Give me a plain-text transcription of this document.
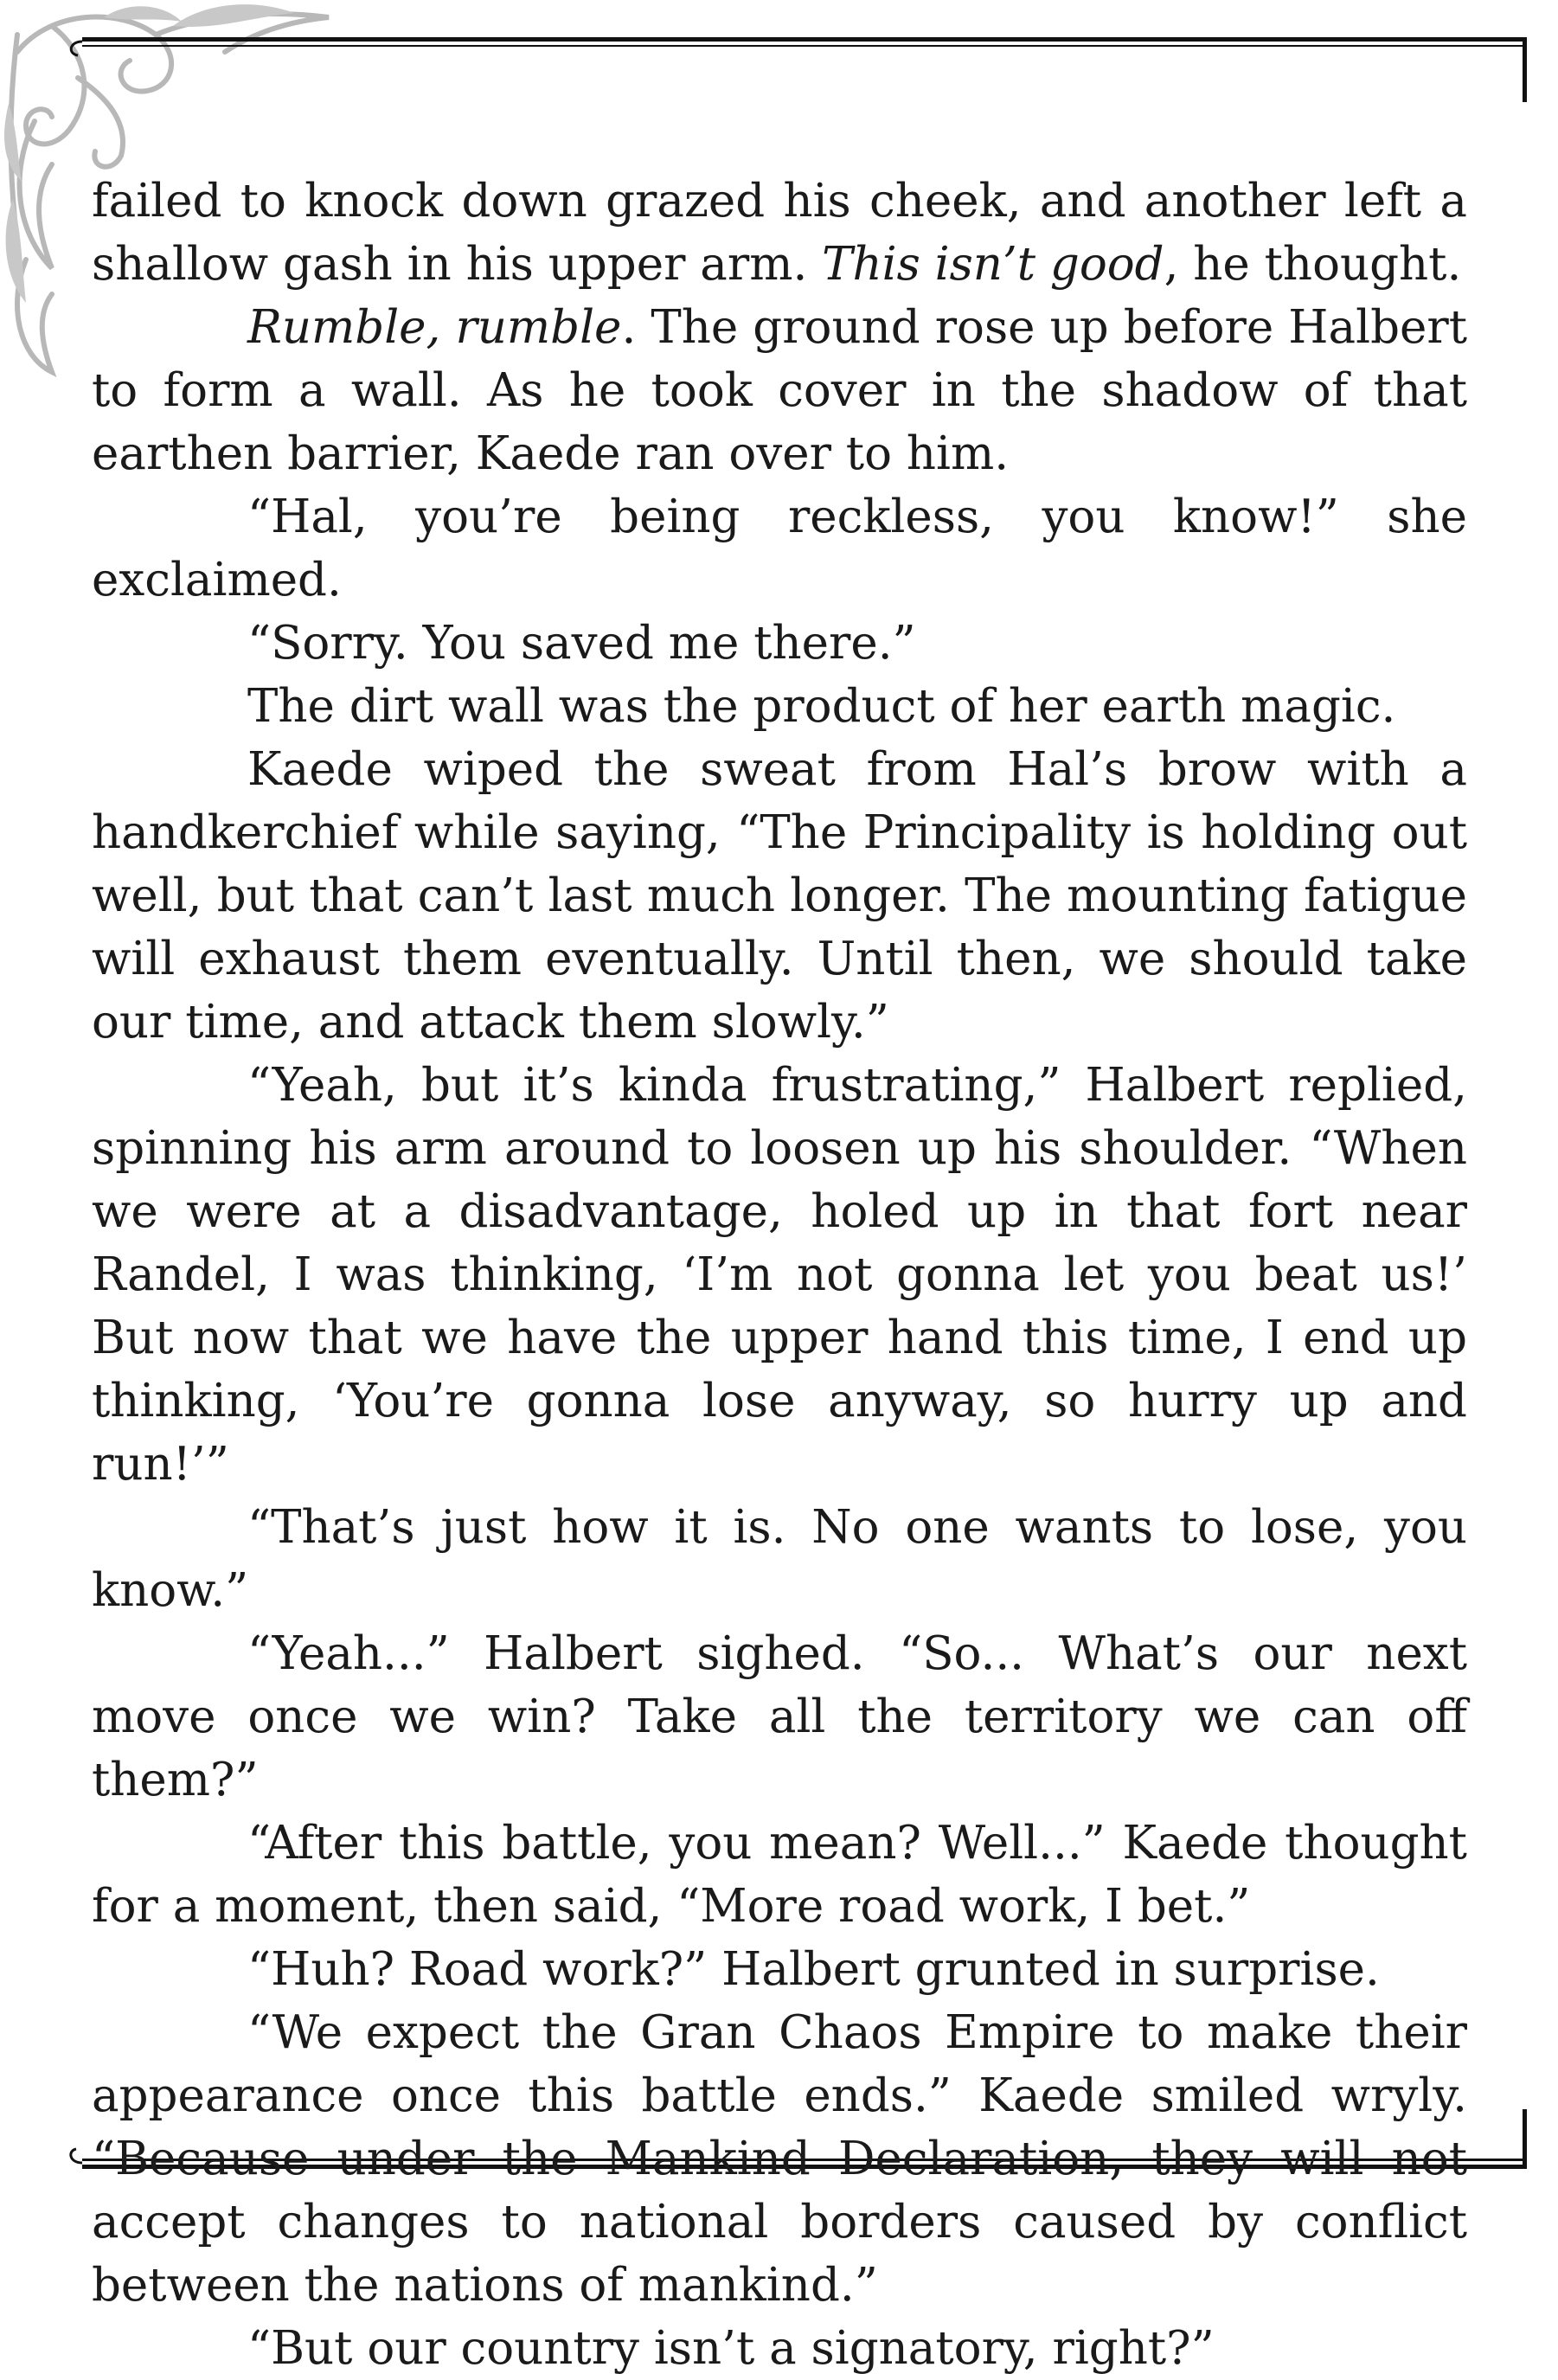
failed to knock down grazed his cheek, and another left a shallow gash in his upper arm. This isn’t good, he thought.

Rumble, rumble. The ground rose up before Halbert to form a wall. As he took cover in the shadow of that earthen barrier, Kaede ran over to him.

“Hal, you’re being reckless, you know!” she exclaimed.

“Sorry. You saved me there.”

The dirt wall was the product of her earth magic.

Kaede wiped the sweat from Hal’s brow with a handkerchief while saying, “The Principality is holding out well, but that can’t last much longer. The mounting fatigue will exhaust them eventually. Until then, we should take our time, and attack them slowly.”

“Yeah, but it’s kinda frustrating,” Halbert replied, spinning his arm around to loosen up his shoulder. “When we were at a disadvantage, holed up in that fort near Randel, I was thinking, ‘I’m not gonna let you beat us!’ But now that we have the upper hand this time, I end up thinking, ‘You’re gonna lose anyway, so hurry up and run!’”

“That’s just how it is. No one wants to lose, you know.”

“Yeah...” Halbert sighed. “So... What’s our next move once we win? Take all the territory we can off them?”

“After this battle, you mean? Well...” Kaede thought for a moment, then said, “More road work, I bet.”

“Huh? Road work?” Halbert grunted in surprise.

“We expect the Gran Chaos Empire to make their appearance once this battle ends.” Kaede smiled wryly. “Because under the Mankind Declaration, they will not accept changes to national borders caused by conflict between the nations of mankind.”

“But our country isn’t a signatory, right?”
